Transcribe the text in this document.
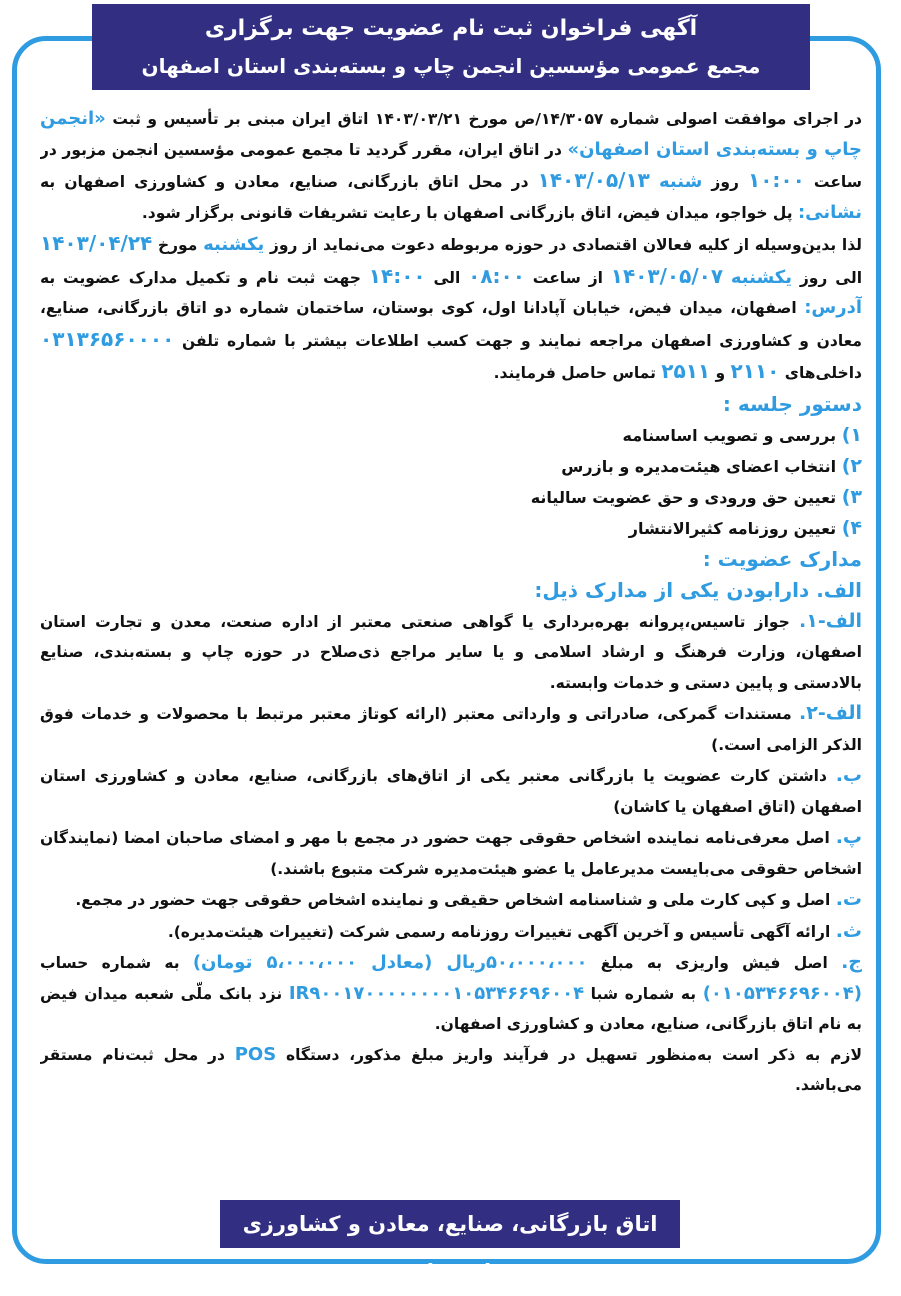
آگهی فراخوان ثبت نام عضویت جهت برگزاری
مجمع عمومی مؤسسین انجمن چاپ و بسته‌بندی استان اصفهان

در اجرای موافقت اصولی شماره ۱۴/۳۰۵۷/ص مورخ ۱۴۰۳/۰۳/۲۱ اتاق ایران مبنی بر تأسیس و ثبت «انجمن چاپ و بسته‌بندی استان اصفهان» در اتاق ایران، مقرر گردید تا مجمع عمومی مؤسسین انجمن مزبور در ساعت ۱۰:۰۰ روز شنبه ۱۴۰۳/۰۵/۱۳ در محل اتاق بازرگانی، صنایع، معادن و کشاورزی اصفهان به نشانی: پل خواجو، میدان فیض، اتاق بازرگانی اصفهان با رعایت تشریفات قانونی برگزار شود.

لذا بدین‌وسیله از کلیه فعالان اقتصادی در حوزه مربوطه دعوت می‌نماید از روز یکشنبه مورخ ۱۴۰۳/۰۴/۲۴ الی روز یکشنبه ۱۴۰۳/۰۵/۰۷ از ساعت ۰۸:۰۰ الی ۱۴:۰۰ جهت ثبت نام و تکمیل مدارک عضویت به آدرس: اصفهان، میدان فیض، خیابان آپادانا اول، کوی بوستان، ساختمان شماره دو اتاق بازرگانی، صنایع، معادن و کشاورزی اصفهان مراجعه نمایند و جهت کسب اطلاعات بیشتر با شماره تلفن ۰۳۱۳۶۵۶۰۰۰۰ داخلی‌های ۲۱۱۰ و ۲۵۱۱ تماس حاصل فرمایند.

دستور جلسه :

۱) بررسی و تصویب اساسنامه
۲) انتخاب اعضای هیئت‌مدیره و بازرس
۳) تعیین حق ورودی و حق عضویت سالیانه
۴) تعیین روزنامه کثیرالانتشار

مدارک عضویت :

الف. دارابودن یکی از مدارک ذیل:

الف-۱. جواز تاسیس،پروانه بهره‌برداری یا گواهی صنعتی معتبر از اداره صنعت، معدن و تجارت استان اصفهان، وزارت فرهنگ و ارشاد اسلامی و یا سایر مراجع ذی‌صلاح در حوزه چاپ و بسته‌بندی، صنایع بالادستی و پایین دستی و خدمات وابسته.

الف-۲. مستندات گمرکی، صادراتی و وارداتی معتبر (ارائه کوتاژ معتبر مرتبط با محصولات و خدمات فوق الذکر الزامی است.)

ب. داشتن کارت عضویت یا بازرگانی معتبر یکی از اتاق‌های بازرگانی، صنایع، معادن و کشاورزی استان اصفهان (اتاق اصفهان یا کاشان)

پ. اصل معرفی‌نامه نماینده اشخاص حقوقی جهت حضور در مجمع با مهر و امضای صاحبان امضا (نمایندگان اشخاص حقوقی می‌بایست مدیرعامل یا عضو هیئت‌مدیره شرکت متبوع باشند.)

ت. اصل و کپی کارت ملی و شناسنامه اشخاص حقیقی و نماینده اشخاص حقوقی جهت حضور در مجمع.

ث. ارائه آگهی تأسیس و آخرین آگهی تغییرات روزنامه رسمی شرکت (تغییرات هیئت‌مدیره).

ج. اصل فیش واریزی به مبلغ ۵۰،۰۰۰،۰۰۰ریال (معادل ۵،۰۰۰،۰۰۰ تومان) به شماره حساب (۰۱۰۵۳۴۶۶۹۶۰۰۴) به شماره شبا IR۹۰۰۱۷۰۰۰۰۰۰۰۰۱۰۵۳۴۶۶۹۶۰۰۴ نزد بانک ملّی شعبه میدان فیض به نام اتاق بازرگانی، صنایع، معادن و کشاورزی اصفهان.

لازم به ذکر است به‌منظور تسهیل در فرآیند واریز مبلغ مذکور، دستگاه POS در محل ثبت‌نام مستقر می‌باشد.

اتاق بازرگانی، صنایع، معادن و کشاورزی اصفهان
